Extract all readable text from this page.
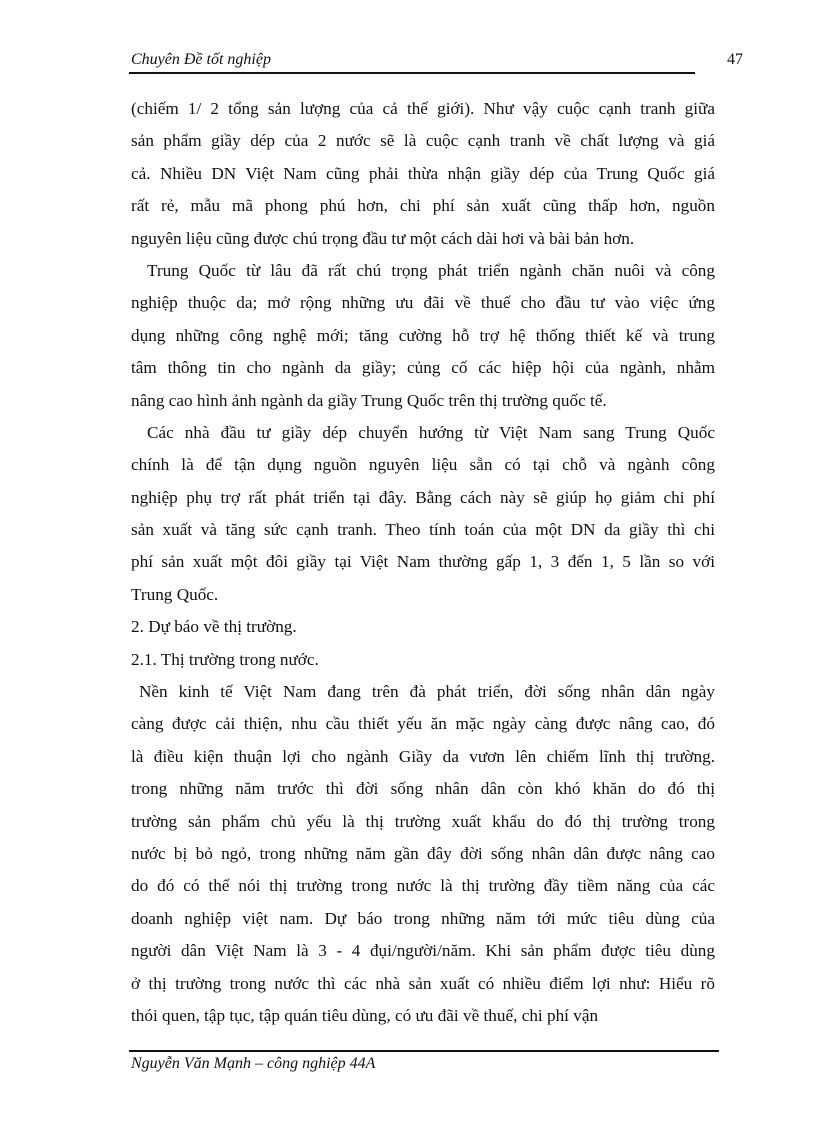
Chuyên Đề tốt nghiệp	47
(chiếm 1/ 2 tổng sản lượng của cả thế giới). Như vậy cuộc cạnh tranh giữa
sản phẩm giầy dép của 2 nước sẽ là cuộc cạnh tranh về chất lượng và giá
cả. Nhiều DN Việt Nam cũng phải thừa nhận giầy dép của Trung Quốc giá
rất rẻ, mẫu mã phong phú hơn, chi phí sản xuất cũng thấp hơn, nguồn
nguyên liệu cũng được chú trọng đầu tư một cách dài hơi và bài bản hơn.
Trung Quốc từ lâu đã rất chú trọng phát triển ngành chăn nuôi và công
nghiệp thuộc da; mở rộng những ưu đãi về thuế cho đầu tư vào việc ứng
dụng những công nghệ mới; tăng cường hỗ trợ hệ thống thiết kế và trung
tâm thông tin cho ngành da giầy; củng cố các hiệp hội của ngành, nhằm
nâng cao hình ảnh ngành da giầy Trung Quốc trên thị trường quốc tế.
Các nhà đầu tư giầy dép chuyển hướng từ Việt Nam sang Trung Quốc
chính là để tận dụng nguồn nguyên liệu sẵn có tại chỗ và ngành công
nghiệp phụ trợ rất phát triển tại đây. Bằng cách này sẽ giúp họ giảm chi phí
sản xuất và tăng sức cạnh tranh. Theo tính toán của một DN da giầy thì chi
phí sản xuất một đôi giầy tại Việt Nam thường gấp 1, 3 đến 1, 5 lần so với
Trung Quốc.
2. Dự báo về thị trường.
2.1. Thị trường trong nước.
Nền kinh tế Việt Nam đang trên đà phát triển, đời sống nhân dân ngày
càng được cải thiện, nhu cầu thiết yếu ăn mặc ngày càng được nâng cao, đó
là điều kiện thuận lợi cho ngành Giầy da vươn lên chiếm lĩnh thị trường.
trong những năm trước thì đời sống nhân dân còn khó khăn do đó thị
trường sản phẩm chủ yếu là thị trường xuất khẩu do đó thị trường trong
nước bị bỏ ngỏ, trong những năm gần đây đời sống nhân dân được nâng cao
do đó có thể nói thị trường trong nước là thị trường đầy tiềm năng của các
doanh nghiệp việt nam. Dự báo trong những năm tới mức tiêu dùng của
người dân Việt Nam là 3 - 4 đụi/người/năm. Khi sản phẩm được tiêu dùng
ở thị trường trong nước thì các nhà sản xuất có nhiều điểm lợi như: Hiểu rõ
thói quen, tập tục, tập quán tiêu dùng, có ưu đãi về thuế, chi phí vận
Nguyễn Văn Mạnh – công nghiệp 44A
